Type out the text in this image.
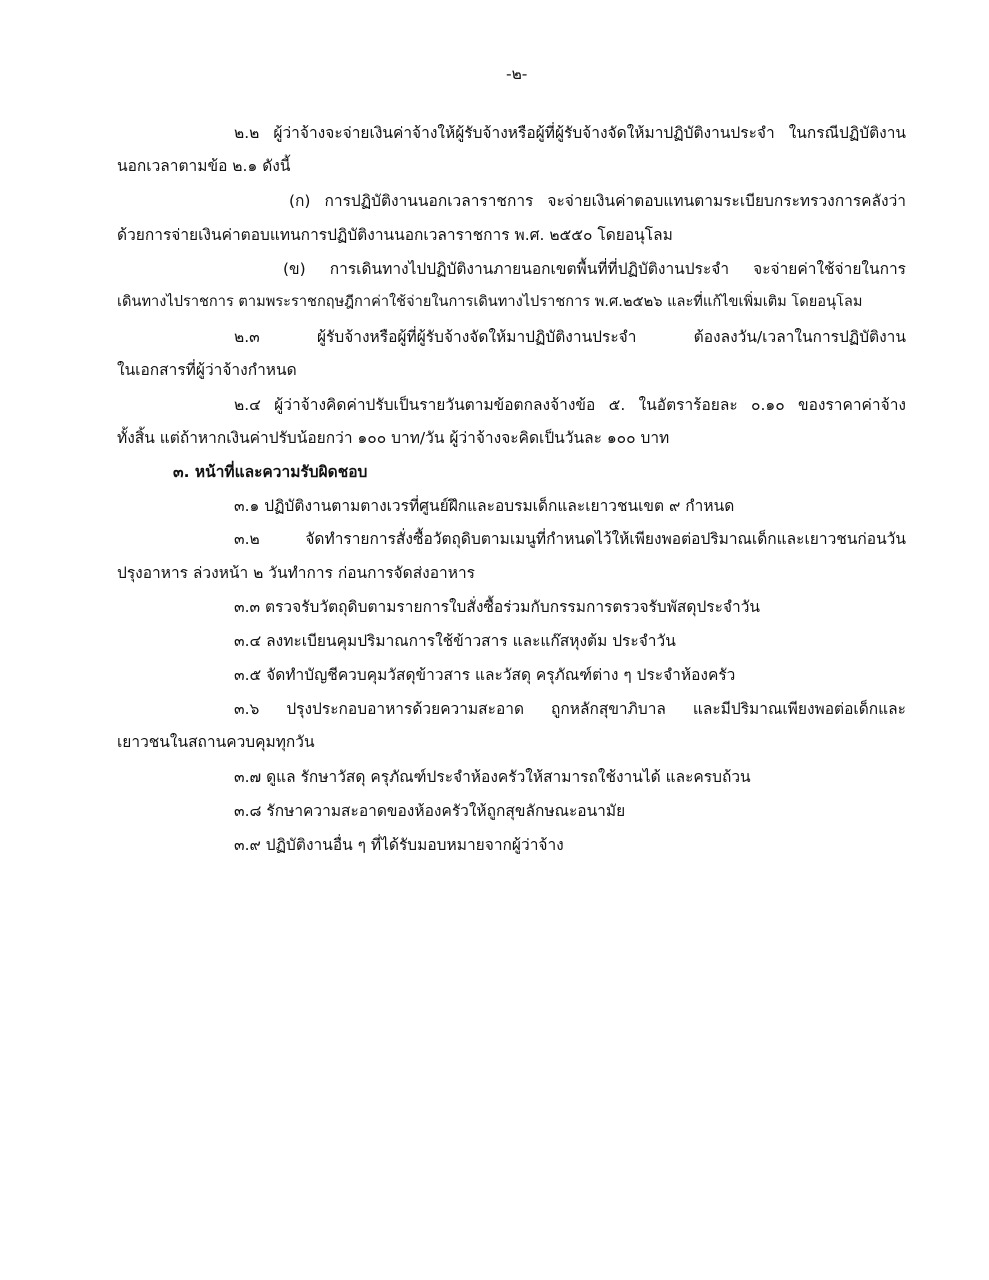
-๒-
๒.๒ ผู้ว่าจ้างจะจ่ายเงินค่าจ้างให้ผู้รับจ้างหรือผู้ที่ผู้รับจ้างจัดให้มาปฏิบัติงานประจำ ในกรณีปฏิบัติงาน
นอกเวลาตามข้อ ๒.๑ ดังนี้
(ก) การปฏิบัติงานนอกเวลาราชการ จะจ่ายเงินค่าตอบแทนตามระเบียบกระทรวงการคลังว่า
ด้วยการจ่ายเงินค่าตอบแทนการปฏิบัติงานนอกเวลาราชการ พ.ศ. ๒๕๕๐ โดยอนุโลม
(ข) การเดินทางไปปฏิบัติงานภายนอกเขตพื้นที่ที่ปฏิบัติงานประจำ จะจ่ายค่าใช้จ่ายในการ
เดินทางไปราชการ ตามพระราชกฤษฎีกาค่าใช้จ่ายในการเดินทางไปราชการ พ.ศ.๒๕๒๖ และที่แก้ไขเพิ่มเติม โดยอนุโลม
๒.๓ ผู้รับจ้างหรือผู้ที่ผู้รับจ้างจัดให้มาปฏิบัติงานประจำ ต้องลงวัน/เวลาในการปฏิบัติงาน
ในเอกสารที่ผู้ว่าจ้างกำหนด
๒.๔ ผู้ว่าจ้างคิดค่าปรับเป็นรายวันตามข้อตกลงจ้างข้อ ๕. ในอัตราร้อยละ ๐.๑๐ ของราคาค่าจ้าง
ทั้งสิ้น แต่ถ้าหากเงินค่าปรับน้อยกว่า ๑๐๐ บาท/วัน ผู้ว่าจ้างจะคิดเป็นวันละ ๑๐๐ บาท
๓. หน้าที่และความรับผิดชอบ
๓.๑ ปฏิบัติงานตามตางเวรที่ศูนย์ฝึกและอบรมเด็กและเยาวชนเขต ๙ กำหนด
๓.๒ จัดทำรายการสั่งซื้อวัตถุดิบตามเมนูที่กำหนดไว้ให้เพียงพอต่อปริมาณเด็กและเยาวชนก่อนวัน
ปรุงอาหาร ล่วงหน้า ๒ วันทำการ ก่อนการจัดส่งอาหาร
๓.๓ ตรวจรับวัตถุดิบตามรายการใบสั่งซื้อร่วมกับกรรมการตรวจรับพัสดุประจำวัน
๓.๔ ลงทะเบียนคุมปริมาณการใช้ข้าวสาร และแก๊สหุงต้ม ประจำวัน
๓.๕ จัดทำบัญชีควบคุมวัสดุข้าวสาร และวัสดุ ครุภัณฑ์ต่าง ๆ ประจำห้องครัว
๓.๖ ปรุงประกอบอาหารด้วยความสะอาด ถูกหลักสุขาภิบาล และมีปริมาณเพียงพอต่อเด็กและ
เยาวชนในสถานควบคุมทุกวัน
๓.๗ ดูแล รักษาวัสดุ ครุภัณฑ์ประจำห้องครัวให้สามารถใช้งานได้ และครบถ้วน
๓.๘ รักษาความสะอาดของห้องครัวให้ถูกสุขลักษณะอนามัย
๓.๙ ปฏิบัติงานอื่น ๆ ที่ได้รับมอบหมายจากผู้ว่าจ้าง
